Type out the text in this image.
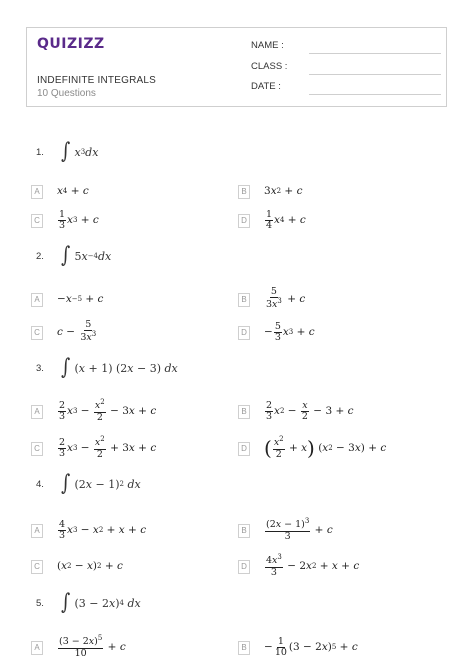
QUIZIZZ
INDEFINITE INTEGRALS
10 Questions
NAME :
CLASS :
DATE :
1. ∫ x 3 dx
A	x 4 + c	B	3 x 2 + c
C	$\frac{1}{3}$ x 3 + c	D	$\frac{1}{4}$ x 4 + c
2. ∫ 5 x −4 dx
A	− x −5 + c	B	$\frac{5}{3x^3} + c$
C $c - \frac{5}{3x^3}$	$D - \frac{5}{3}$ x 3 + c
3. ∫ ( x + 1) (2 x − 3) dx
A	$\frac{2}{3}$ x $3 - \frac{x^2}{2} - 3$ x + c	B	$\frac{2}{3}$ x $2 - \frac{x}{2} - 3 + c$
C	$\frac{2}{3}$ x $3 - \frac{x^2}{2} + 3$ x + c	D ( $\frac{x^2}{2} + x$ ) ( x 2 − 3 x ) + c
4. ∫ (2 x − 1) 2
dx
A	$\frac{4}{3}$ x 3 − x 2 + x + c	B	$\frac{(2x - 1)^3}{3} + c$
C ( x 2 − x ) 2 + c	D	$\frac{4x^3}{3} - 2$ x 2 + x + c
5. ∫ (3 − 2 x ) 4
dx
A	$\frac{(3 - 2x)^5}{10} + c$	B	− $\frac{1}{10} (3 - 2$ x ) 5 + c
